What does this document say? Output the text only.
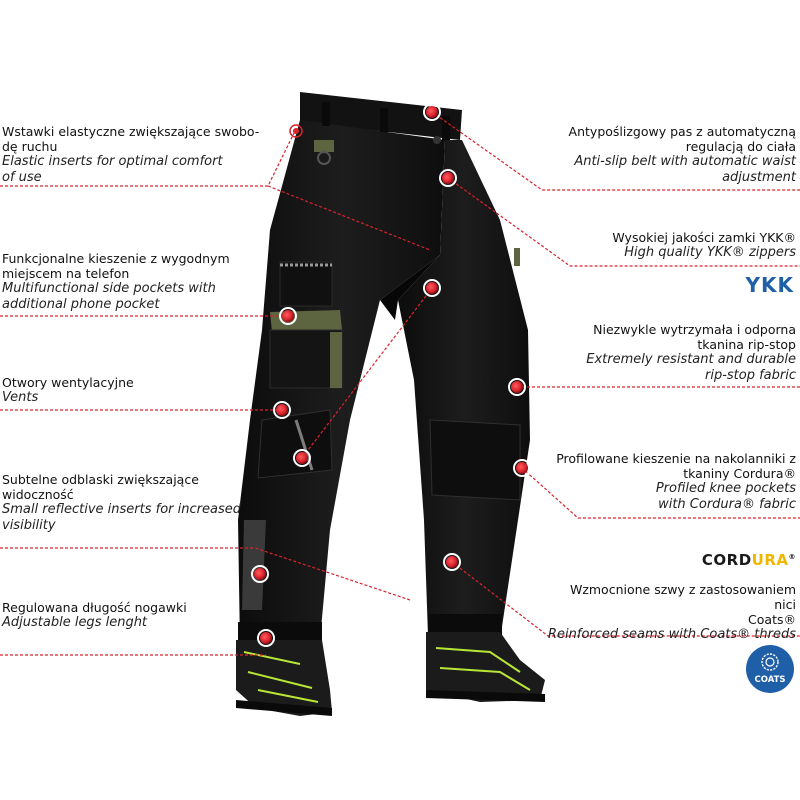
Wstawki elastyczne zwiększające swobo-
dę ruchu

Elastic inserts for optimal comfort
of use

Funkcjonalne kieszenie z wygodnym
miejscem na telefon

Multifunctional side pockets with
additional phone pocket

Otwory wentylacyjne

Vents

Subtelne odblaski zwiększające widoczność

Small reflective inserts for increased
visibility

Regulowana długość nogawki

Adjustable legs lenght

Antypoślizgowy pas z automatyczną
regulacją do ciała

Anti-slip belt with automatic waist
adjustment

Wysokiej jakości zamki YKK®

High quality YKK® zippers

Niezwykle wytrzymała i odporna
tkanina rip-stop

Extremely resistant and durable
rip-stop fabric

Profilowane kieszenie na nakolanniki z
tkaniny Cordura®

Profiled knee pockets
with Cordura® fabric

Wzmocnione szwy z zastosowaniem nici
Coats®

Reinforced seams with Coats® threds

YKK
CORDURA®
COATS
